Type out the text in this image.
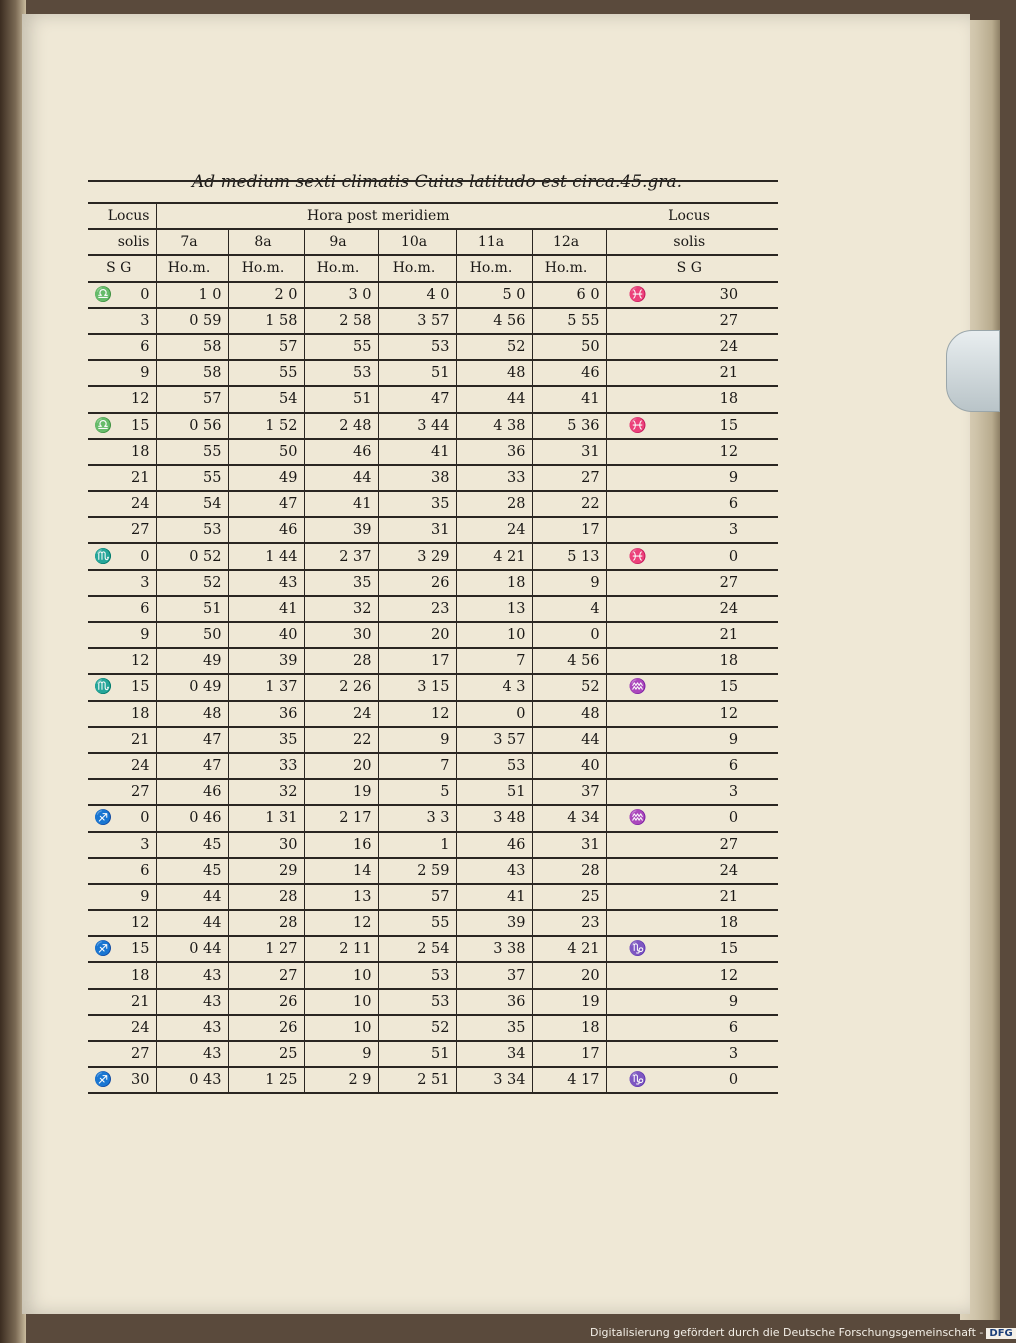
Ad medium sexti climatis Cuius latitudo est circa.45.gra.
Locus	Hora post meridiem						Locus
solis	7a	8a	9a	10a	11a	12a	solis
S G	Ho.m.	Ho.m.	Ho.m.	Ho.m.	Ho.m.	Ho.m.	S G

♎ 0	1 0	2 0	3 0	4 0	5 0	6 0	♓ 30

3	0 59	1 58	2 58	3 57	4 56	5 55	27

6	58	57	55	53	52	50	24

9	58	55	53	51	48	46	21

12	57	54	51	47	44	41	18

♎ 15	0 56	1 52	2 48	3 44	4 38	5 36	♓ 15

18	55	50	46	41	36	31	12

21	55	49	44	38	33	27	9

24	54	47	41	35	28	22	6

27	53	46	39	31	24	17	3

♏ 0	0 52	1 44	2 37	3 29	4 21	5 13	♓ 0

3	52	43	35	26	18	9	27

6	51	41	32	23	13	4	24

9	50	40	30	20	10	0	21

12	49	39	28	17	7	4 56	18

♏ 15	0 49	1 37	2 26	3 15	4 3	52	♒ 15

18	48	36	24	12	0	48	12

21	47	35	22	9	3 57	44	9

24	47	33	20	7	53	40	6

27	46	32	19	5	51	37	3

♐ 0	0 46	1 31	2 17	3 3	3 48	4 34	♒ 0

3	45	30	16	1	46	31	27

6	45	29	14	2 59	43	28	24

9	44	28	13	57	41	25	21

12	44	28	12	55	39	23	18

♐ 15	0 44	1 27	2 11	2 54	3 38	4 21	♑ 15

18	43	27	10	53	37	20	12

21	43	26	10	53	36	19	9

24	43	26	10	52	35	18	6

27	43	25	9	51	34	17	3

♐ 30	0 43	1 25	2 9	2 51	3 34	4 17	♑ 0
Digitalisierung gefördert durch die Deutsche Forschungsgemeinschaft - DFG
